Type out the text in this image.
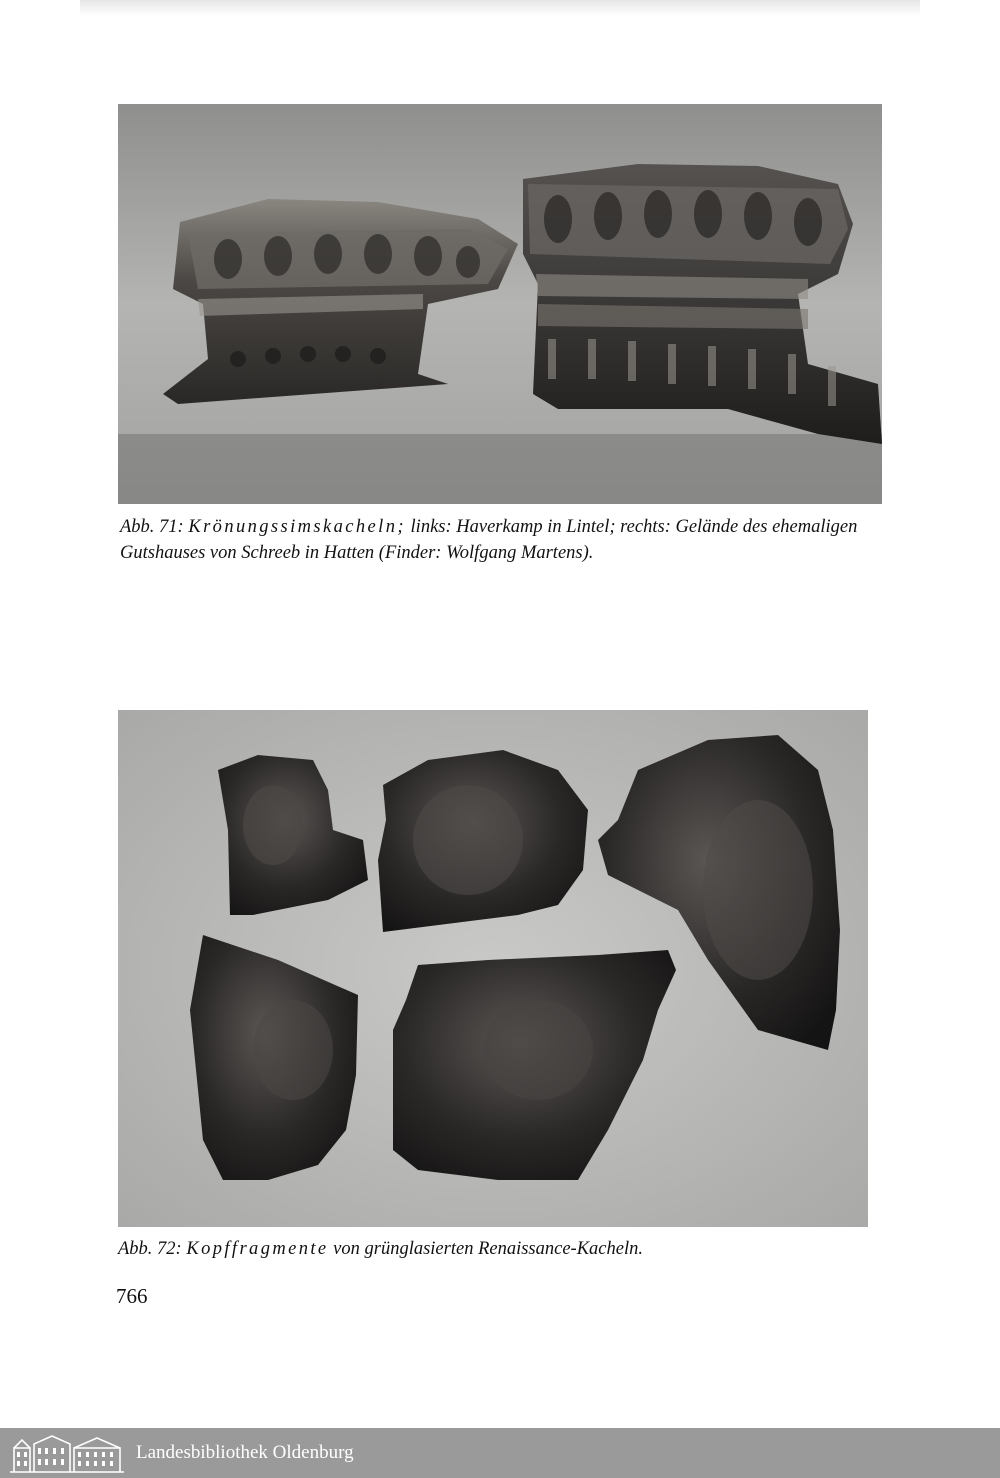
Abb. 71: Krönungssimskacheln; links: Haverkamp in Lintel; rechts: Gelände des ehemaligen Gutshauses von Schreeb in Hatten (Finder: Wolfgang Martens).

Abb. 72: Kopffragmente von grünglasierten Renaissance-Kacheln.

766
Landesbibliothek Oldenburg
